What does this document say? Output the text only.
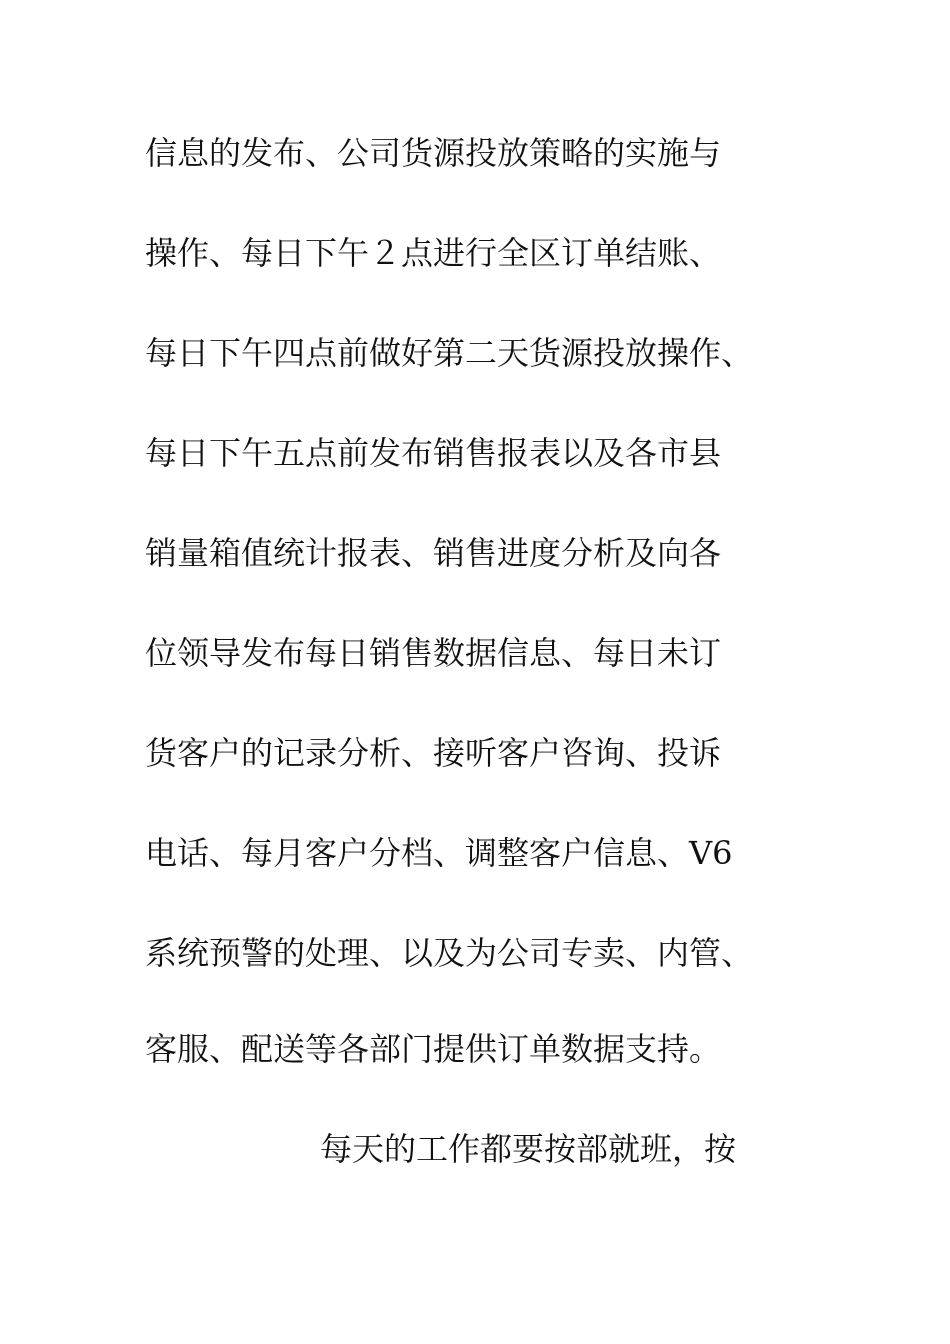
信息的发布、公司货源投放策略的实施与
操作、每日下午２点进行全区订单结账、
每日下午四点前做好第二天货源投放操作、
每日下午五点前发布销售报表以及各市县
销量箱值统计报表、销售进度分析及向各
位领导发布每日销售数据信息、每日未订
货客户的记录分析、接听客户咨询、投诉
电话、每月客户分档、调整客户信息、V6
系统预警的处理、以及为公司专卖、内管、
客服、配送等各部门提供订单数据支持。
每天的工作都要按部就班，按
